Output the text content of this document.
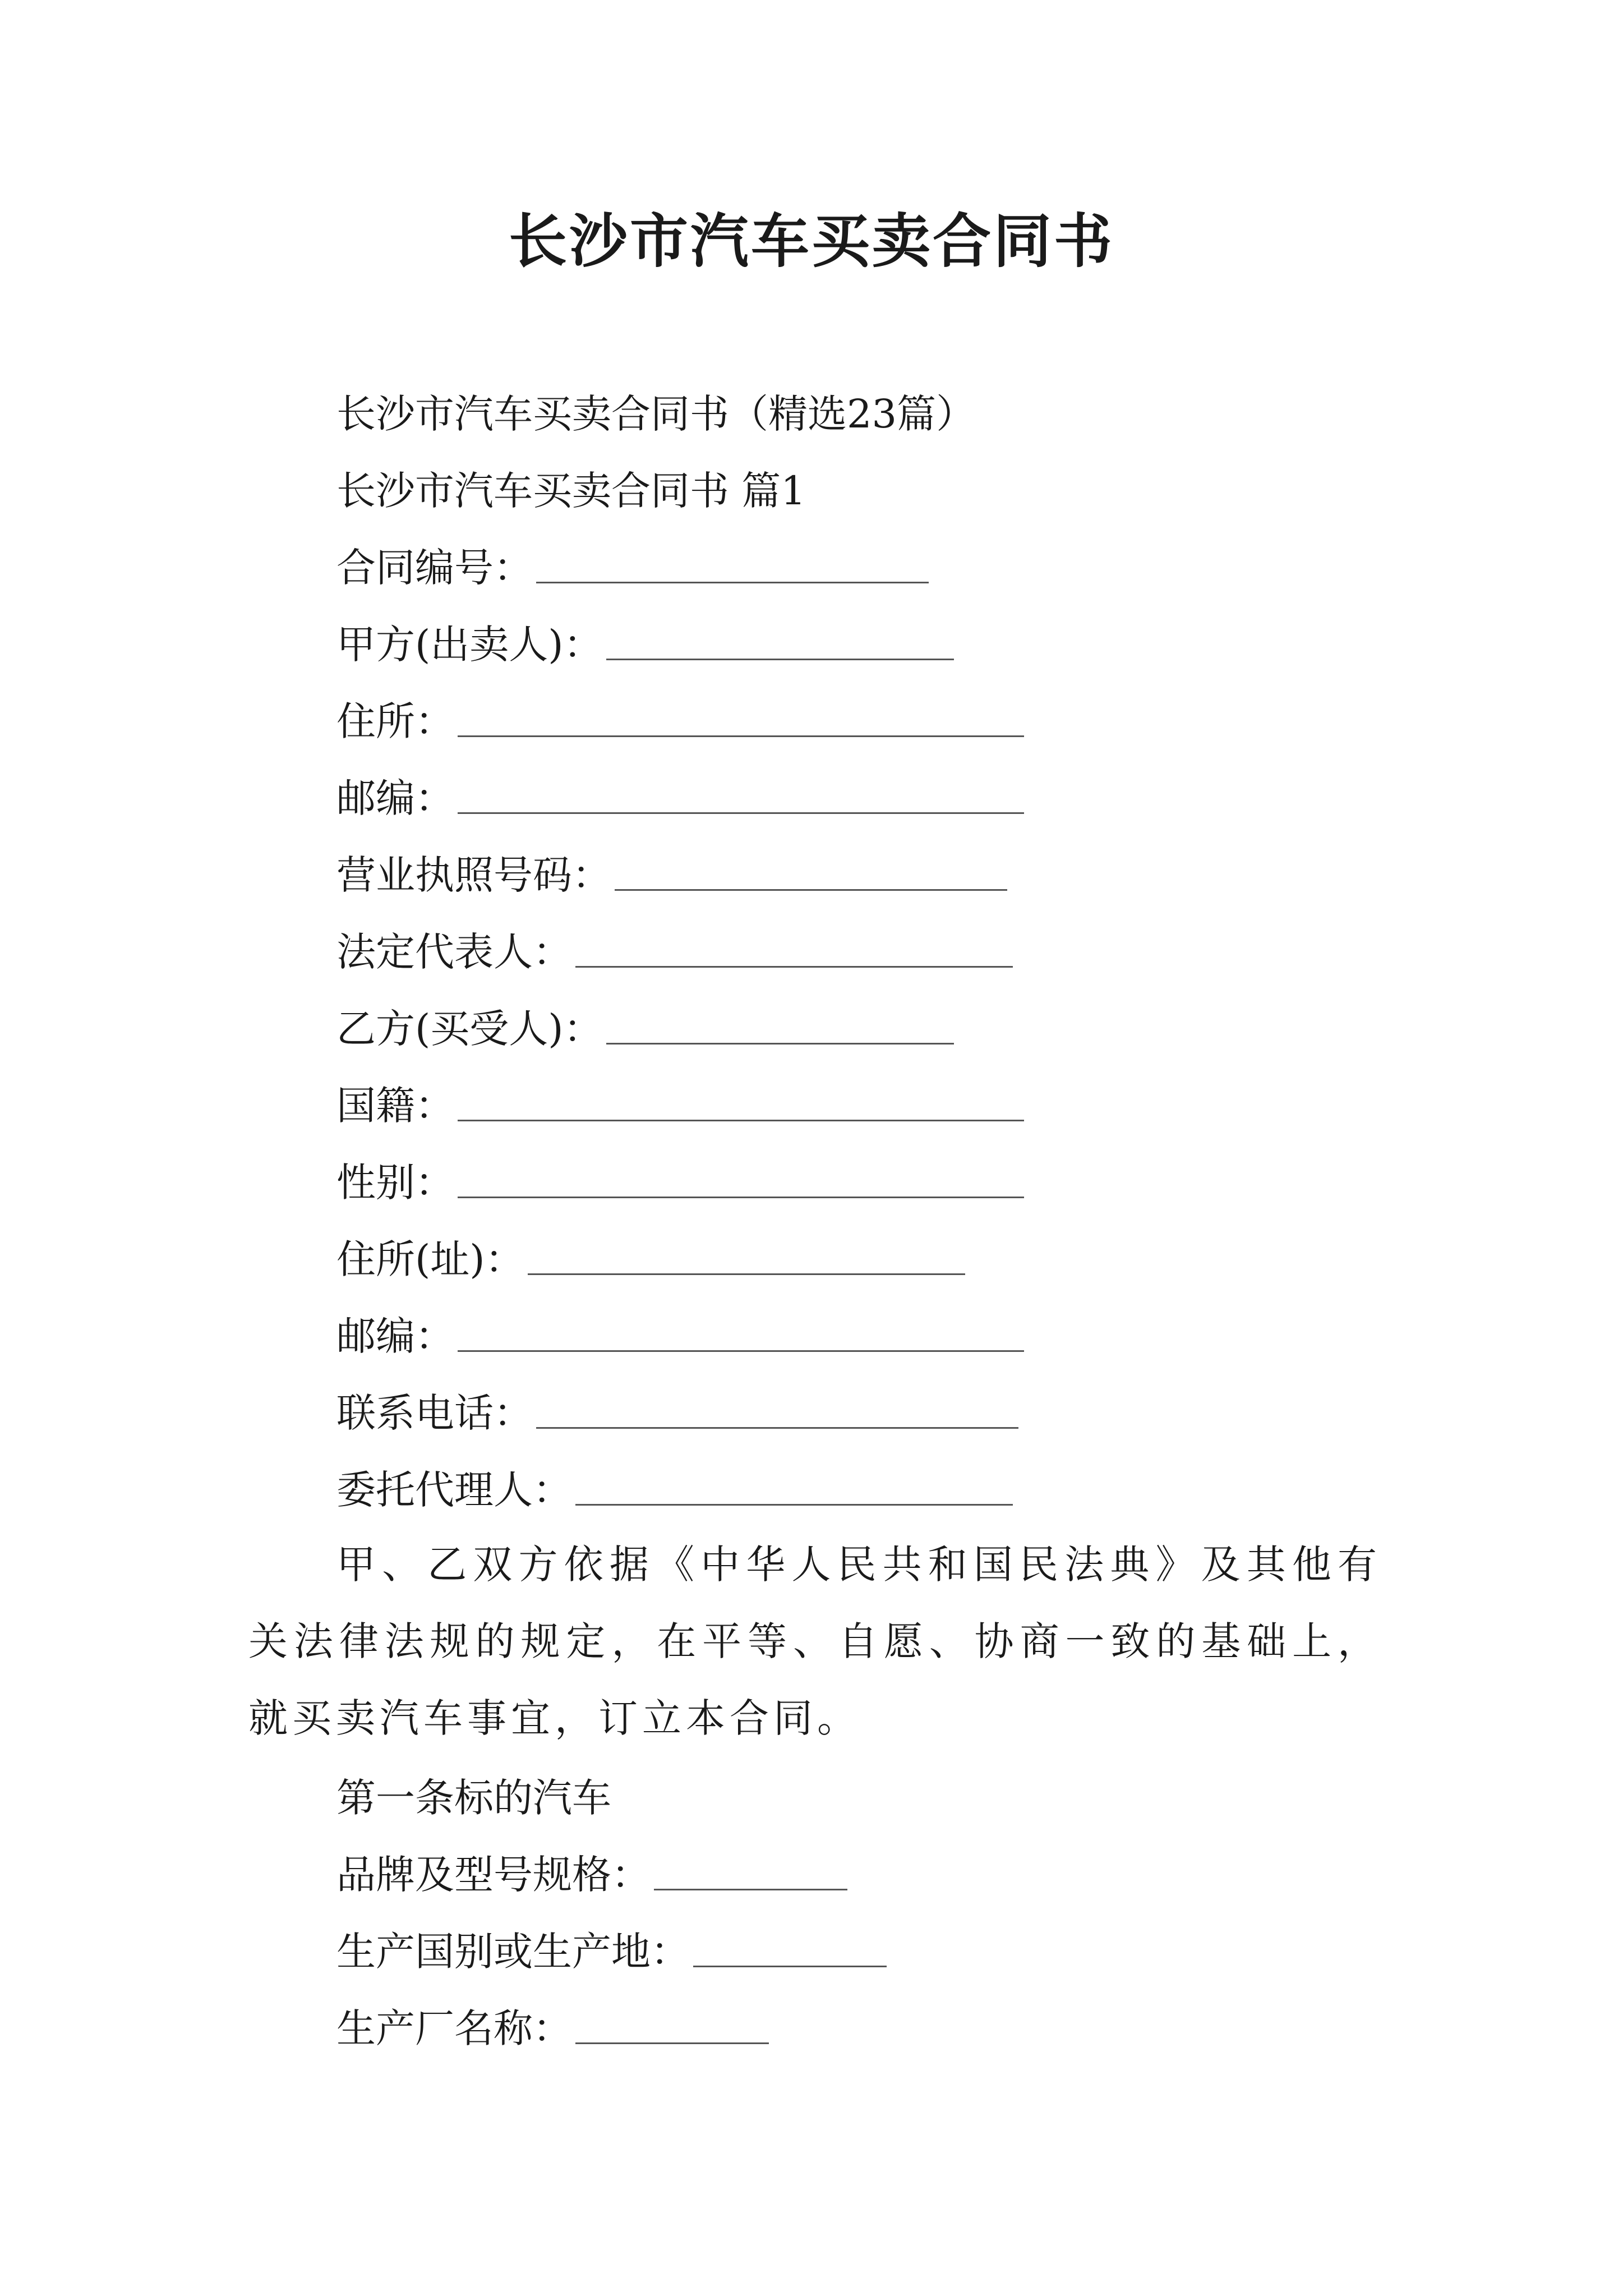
长沙市汽车买卖合同书
长沙市汽车买卖合同书（精选23篇）
长沙市汽车买卖合同书 篇1
合同编号：
甲方(出卖人)：
住所：
邮编：
营业执照号码：
法定代表人：
乙方(买受人)：
国籍：
性别：
住所(址)：
邮编：
联系电话：
委托代理人：
甲、乙双方依据《中华人民共和国民法典》及其他有关法律法规的规定，在平等、自愿、协商一致的基础上，就买卖汽车事宜，订立本合同。
第一条标的汽车
品牌及型号规格：
生产国别或生产地：
生产厂名称：
